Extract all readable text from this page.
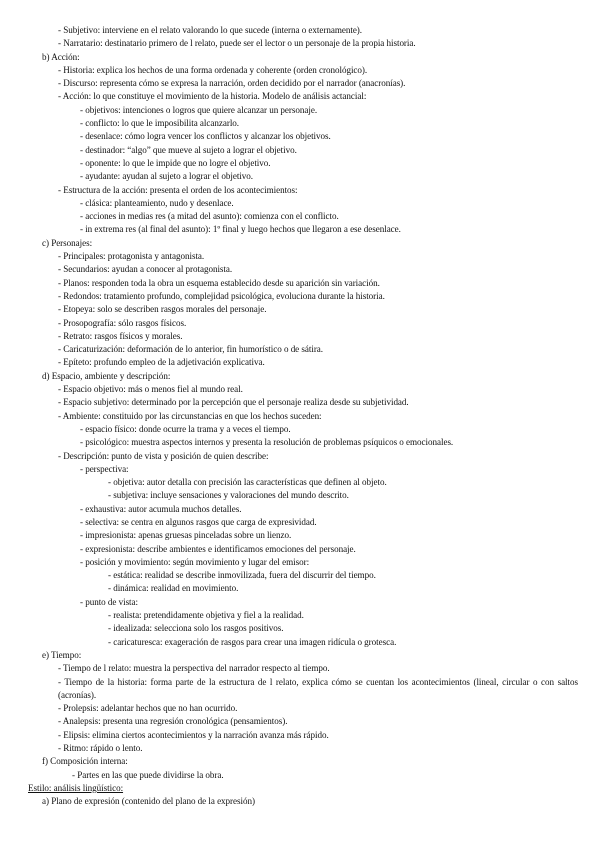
- Subjetivo: interviene en el relato valorando lo que sucede (interna o externamente).
- Narratario: destinatario primero de l relato, puede ser el lector o un personaje de la propia historia.
b) Acción:
- Historia: explica los hechos de una forma ordenada y coherente (orden cronológico).
- Discurso: representa cómo se expresa la narración, orden decidido por el narrador (anacronías).
- Acción: lo que constituye el movimiento de la historia. Modelo de análisis actancial:
- objetivos: intenciones o logros que quiere alcanzar un personaje.
- conflicto: lo que le imposibilita alcanzarlo.
- desenlace: cómo logra vencer los conflictos y alcanzar los objetivos.
- destinador: “algo” que mueve al sujeto a lograr el objetivo.
- oponente: lo que le impide que no logre el objetivo.
- ayudante: ayudan al sujeto a lograr el objetivo.
- Estructura de la acción: presenta el orden de los acontecimientos:
- clásica: planteamiento, nudo y desenlace.
- acciones in medias res (a mitad del asunto): comienza con el conflicto.
- in extrema res (al final del asunto): 1º final y luego hechos que llegaron a ese desenlace.
c) Personajes:
- Principales: protagonista y antagonista.
- Secundarios: ayudan a conocer al protagonista.
- Planos: responden toda la obra un esquema establecido desde su aparición sin variación.
- Redondos: tratamiento profundo, complejidad psicológica, evoluciona durante la historia.
- Etopeya: solo se describen rasgos morales del personaje.
- Prosopografía: sólo rasgos físicos.
- Retrato: rasgos físicos y morales.
- Caricaturización: deformación de lo anterior, fin humorístico o de sátira.
- Epíteto: profundo empleo de la adjetivación explicativa.
d) Espacio, ambiente y descripción:
- Espacio objetivo: más o menos fiel al mundo real.
- Espacio subjetivo: determinado por la percepción que el personaje realiza desde su subjetividad.
- Ambiente: constituido por las circunstancias en que los hechos suceden:
- espacio físico: donde ocurre la trama y a veces el tiempo.
- psicológico: muestra aspectos internos y presenta la resolución de problemas psíquicos o emocionales.
- Descripción: punto de vista y posición de quien describe:
- perspectiva:
- objetiva: autor detalla con precisión las características que definen al objeto.
- subjetiva: incluye sensaciones y valoraciones del mundo descrito.
- exhaustiva: autor acumula muchos detalles.
- selectiva: se centra en algunos rasgos que carga de expresividad.
- impresionista: apenas gruesas pinceladas sobre un lienzo.
- expresionista: describe ambientes e identificamos emociones del personaje.
- posición y movimiento: según movimiento y lugar del emisor:
- estática: realidad se describe inmovilizada, fuera del discurrir del tiempo.
- dinámica: realidad en movimiento.
- punto de vista:
- realista: pretendidamente objetiva y fiel a la realidad.
- idealizada: selecciona solo los rasgos positivos.
- caricaturesca: exageración de rasgos para crear una imagen ridícula o grotesca.
e) Tiempo:
- Tiempo de l relato: muestra la perspectiva del narrador respecto al tiempo.
- Tiempo de la historia: forma parte de la estructura de l relato, explica cómo se cuentan los acontecimientos (lineal, circular o con saltos (acronías).
- Prolepsis: adelantar hechos que no han ocurrido.
- Analepsis: presenta una regresión cronológica (pensamientos).
- Elipsis: elimina ciertos acontecimientos y la narración avanza más rápido.
- Ritmo: rápido o lento.
f) Composición interna:
- Partes en las que puede dividirse la obra.
Estilo: análisis lingüístico:
a) Plano de expresión (contenido del plano de la expresión)
